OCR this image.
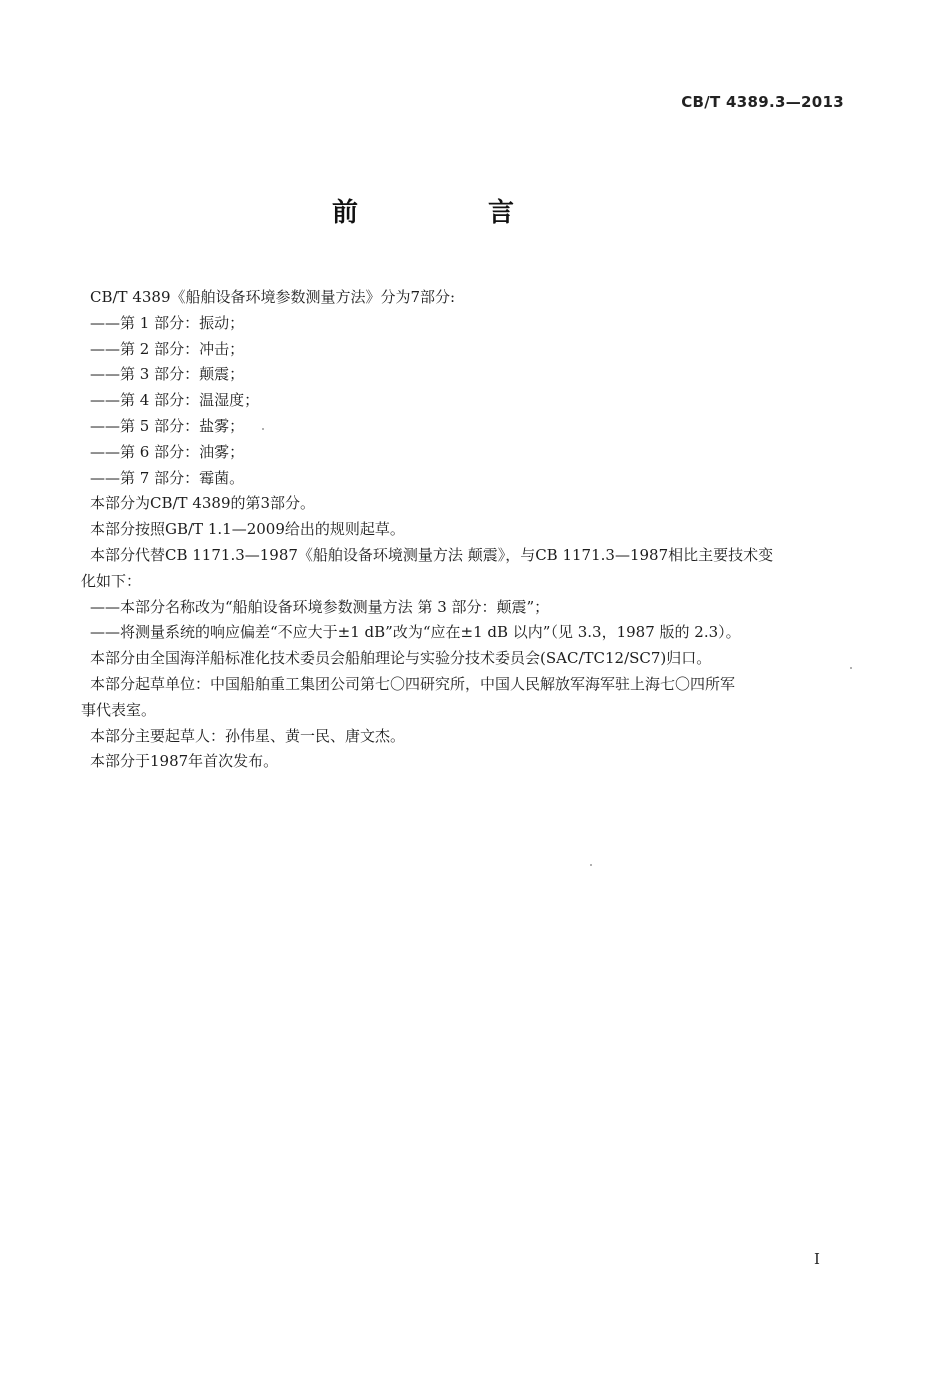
CB/T 4389.3—2013
前　言

CB/T 4389《船舶设备环境参数测量方法》分为7部分:

——第 1 部分：振动；

——第 2 部分：冲击；

——第 3 部分：颠震；

——第 4 部分：温湿度；

——第 5 部分：盐雾；

——第 6 部分：油雾；

——第 7 部分：霉菌。

本部分为CB/T 4389的第3部分。

本部分按照GB/T 1.1—2009给出的规则起草。

本部分代替CB 1171.3—1987《船舶设备环境测量方法 颠震》，与CB 1171.3—1987相比主要技术变

化如下：

——本部分名称改为“船舶设备环境参数测量方法 第 3 部分：颠震”；

——将测量系统的响应偏差“不应大于±1 dB”改为“应在±1 dB 以内”（见 3.3，1987 版的 2.3）。

本部分由全国海洋船标准化技术委员会船舶理论与实验分技术委员会(SAC/TC12/SC7)归口。

本部分起草单位：中国船舶重工集团公司第七〇四研究所，中国人民解放军海军驻上海七〇四所军

事代表室。

本部分主要起草人：孙伟星、黄一民、唐文杰。

本部分于1987年首次发布。

I
